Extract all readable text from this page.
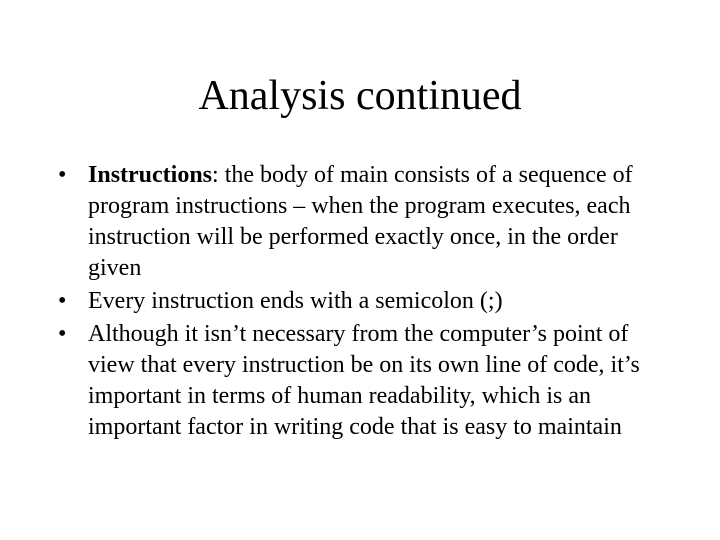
Analysis continued
• Instructions: the body of main consists of a sequence of program instructions – when the program executes, each instruction will be performed exactly once, in the order given
• Every instruction ends with a semicolon (;)
• Although it isn’t necessary from the computer’s point of view that every instruction be on its own line of code, it’s important in terms of human readability, which is an important factor in writing code that is easy to maintain
